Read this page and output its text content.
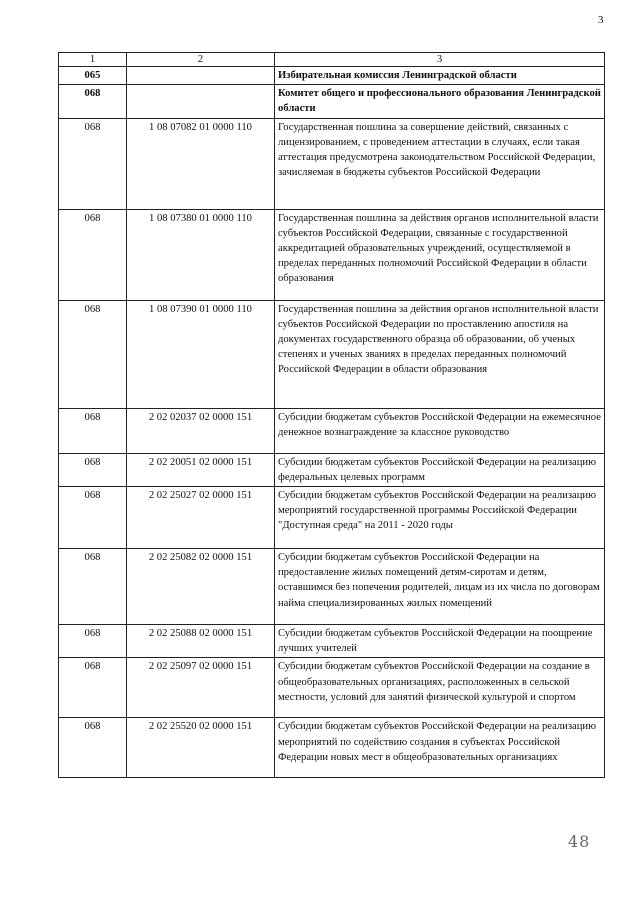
3
1	2	3
065		Избирательная комиссия Ленинградской области
068		Комитет общего и профессионального образования Ленинградской области
068	1 08 07082 01 0000 110	Государственная пошлина за совершение действий, связанных с лицензированием, с проведением аттестации в случаях, если такая аттестация предусмотрена законодательством Российской Федерации, зачисляемая в бюджеты субъектов Российской Федерации
068	1 08 07380 01 0000 110	Государственная пошлина за действия органов исполнительной власти субъектов Российской Федерации, связанные с государственной аккредитацией образовательных учреждений, осуществляемой в пределах переданных полномочий Российской Федерации в области образования
068	1 08 07390 01 0000 110	Государственная пошлина за действия органов исполнительной власти субъектов Российской Федерации по проставлению апостиля на документах государственного образца об образовании, об ученых степенях и ученых званиях в пределах переданных полномочий Российской Федерации в области образования
068	2 02 02037 02 0000 151	Субсидии бюджетам субъектов Российской Федерации на ежемесячное денежное вознаграждение за классное руководство
068	2 02 20051 02 0000 151	Субсидии бюджетам субъектов Российской Федерации на реализацию федеральных целевых программ
068	2 02 25027 02 0000 151	Субсидии бюджетам субъектов Российской Федерации на реализацию мероприятий государственной программы Российской Федерации "Доступная среда" на 2011 - 2020 годы
068	2 02 25082 02 0000 151	Субсидии бюджетам субъектов Российской Федерации на предоставление жилых помещений детям-сиротам и детям, оставшимся без попечения родителей, лицам из их числа по договорам найма специализированных жилых помещений
068	2 02 25088 02 0000 151	Субсидии бюджетам субъектов Российской Федерации на поощрение лучших учителей
068	2 02 25097 02 0000 151	Субсидии бюджетам субъектов Российской Федерации на создание в общеобразовательных организациях, расположенных в сельской местности, условий для занятий физической культурой и спортом
068	2 02 25520 02 0000 151	Субсидии бюджетам субъектов Российской Федерации на реализацию мероприятий по содействию создания в субъектах Российской Федерации новых мест в общеобразовательных организациях
48
